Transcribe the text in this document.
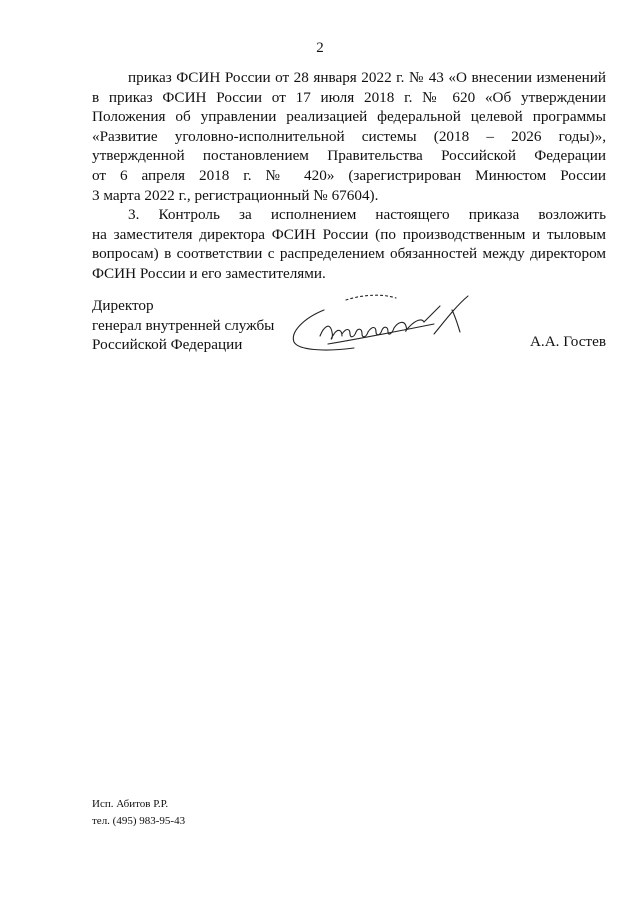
2
приказ ФСИН России от 28 января 2022 г. № 43 «О внесении изменений
в приказ ФСИН России от 17 июля 2018 г. № 620 «Об утверждении
Положения об управлении реализацией федеральной целевой программы
«Развитие уголовно-исполнительной системы (2018 – 2026 годы)»,
утвержденной постановлением Правительства Российской Федерации
от 6 апреля 2018 г. № 420» (зарегистрирован Минюстом России
3 марта 2022 г., регистрационный № 67604).
3. Контроль за исполнением настоящего приказа возложить
на заместителя директора ФСИН России (по производственным и тыловым
вопросам) в соответствии с распределением обязанностей между директором
ФСИН России и его заместителями.
Директор
генерал внутренней службы
Российской Федерации	А.А. Гостев
Исп. Абитов Р.Р.
тел. (495) 983-95-43
